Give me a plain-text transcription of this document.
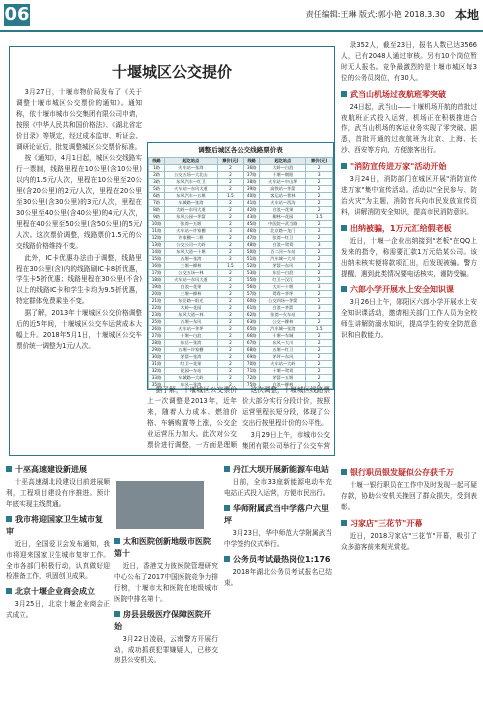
06	责任编辑:王琳 版式:郭小艳 2018.3.30 本地
十堰城区公交提价

3月27日，十堰市物价局发布了《关于调整十堰市城区公交票价的通知》。通知称，依十堰市城市公交集团有限公司申请，按照《中华人民共和国价格法》、《湖北省定价目录》等规定，经过成本监审、听证会、调研论证后，批复调整城区公交票价标准。

按《通知》，4月1日起，城区公交线路实行一票制，线路里程在10公里(含10公里)以内的1.5元/人次，里程在10公里至20公里(含20公里)的2元/人次，里程在20公里至30公里(含30公里)的3元/人次，里程在30公里至40公里(含40公里)的4元/人次，里程在40公里至50公里(含50公里)的5元/人次。这次票价调整，线路票价1.5元的公交线路价格维持不变。

此外，IC卡优惠办法由于调整，线路里程在30公里(含)内的线路刷IC卡8折优惠，学生卡5折优惠；线路里程在30公里(不含)以上的线路IC卡和学生卡均为9.5折优惠，特定群体免费乘坐不变。

据了解，2013年十堰城区公交价格调整后的近5年间，十堰城区公交车运营成本大幅上升。2018年5月1日，十堰城区公交车票价统一调整为1元/人次。

调整后城区各公交线路票价表
线路	起讫站点	票价(元)	线路	起讫站点	票价(元)
1路	火车站—张湾	2	36路	大岭—白浪	2
2路	公交五场—大北山	2	37路	十堰—朝阳	3
3路	东风汽车—红卫	2	38路	火车站—中山坪	2
5路	火车站—东风大道	2	39路	高铁站—茅箭	2
6路	东风汽车—五堰	1.5	40路	客运站—普林	2
7路	车城路—张湾	2	41路	火车站—西沟	2
8路	大岭—东风大道	2	42路	白浪—花果	2
9路	东风公园—茅箭	2	43路	柳林—花园	1.5
10路	张湾—五堰	2	45路	中医院—武当路	2
11路	火车站—许家棚	3	46路	北京路—龙门	2
12路	许家棚—二堰	2	47路	张湾—红卫	2
13路	公交公司—大岭	2	48路	白浪—鸳鸯	3
14路	东风大道—十堰	2	50路	百二河—车站	2
15路	五堰—张湾	2	51路	汽车城—大川	2
16路	三堰—柳林	1.5	52路	茅箭—东风	2
17路	公交五场—林	2	53路	东岳—白浪	2
18路	火车站—东风大道	2	55路	红卫—汉江	2
19路	白浪—花果	2	56路	大川—十堰	3
20路	三堰—柳林	2	57路	鸳鸯—茅坪	2
21路	东岳路—阳光	2	60路	公交四场—茅箭	2
22路	大岭—花园	2	61路	白浪—茅箭	3
23路	东风大道—林	2	62路	张湾—火车站	2
25路	五堰—东风	2	63路	公交—柳林	2
26路	火车站—茅坪	2	65路	汽车城—张湾	1.5
27路	十堰—白浪	2	66路	十堰—车城	2
28路	东岳—张湾	2	67路	东风—大川	2
29路	五堰—许家棚	2	68路	五堰—红卫	2
30路	茅箭—张湾	2	69路	茅坪—东风	2
31路	红卫—花果	2	70路	火车站—大岭	2
32路	花园—车站	2	71路	十堰—鸳鸯	2
33路	车城路—大岭	2	72路	茅箭—五堰	2
35路	东风—张湾	2	75路	白浪—柳林	2

据了解，十堰城区公交票价上一次调整是2013年，近年来，随着人力成本、燃油价格、车辆购置等上涨，公交企业运营压力加大。此次对公交票价进行调整，一方面是理顺

这次调整，十堰城区线路票价大部分实行分段计价，按照运营里程长短分段，体现了公交出行按里程计价的公平性。

3月29日上午，市城市公交集团有限公司举行了公交车营

录352人，截至23日，报名人数已达3566人，已有2048人通过审核。另有10个岗位暂时无人报名。竞争最激烈的是十堰市城区每3位的公务员岗位，有30人。

武当山机场过夜航班零突破

24日起，武当山——十堰机场开航的首批过夜航班正式投入运营，机场正在积极推进合作，武当山机场的客运业务实现了零突破。据悉，首批开通的过夜航班为北京、上海、长沙、西安等方向，方便旅客出行。

"消防宣传进万家"活动开始

3月24日，消防部门在城区开展"消防宣传进万家"集中宣传活动。活动以"全民参与、防治火灾"为主题，消防官兵向市民发放宣传资料，讲解消防安全知识，提高市民消防意识。

出纳被骗，1万元汇给假老板

近日，十堰一企业出纳接到"老板"在QQ上发来的指令，称需要汇款1万元给某公司。该出纳未核实便将款项汇出，后发现被骗。警方提醒，遇到此类情况要电话核实，谨防受骗。

六郎小学开展水上安全知识课

3月26日上午，郧阳区六郎小学开展水上安全知识课活动，邀请相关部门工作人员为全校师生讲解防溺水知识，提高学生的安全防范意识和自救能力。

银行职员银发疑似公存获千万

十堰一银行职员在工作中及时发现一起可疑存款，协助公安机关挽回了群众损失，受到表彰。

习家店"三花节"开幕

近日，2018习家店"三花节"开幕，吸引了众多游客前来观光赏花。

十巫高速建设新进展

十巫高速湖北段建设目前进展顺利，工程项目建设有序推进。预计年底实现主线贯通。

我市将迎国家卫生城市复审

近日，全国爱卫会发布通知，我市将迎来国家卫生城市复审工作。全市各部门积极行动，认真做好迎检准备工作，巩固创卫成果。

北京十堰企业商会成立

3月25日，北京十堰企业商会正式成立。

太和医院创新地级市医院第十

近日，香港艾力彼医院管理研究中心公布了2017中国医院竞争力排行榜，十堰市太和医院在地级城市医院中排名第十。

房县县级医疗保障医院开始

3月22日凌晨，云南警方开展行动，成功抓获犯罪嫌疑人，已移交房县公安机关。

丹江大坝开展新能源车电站

日前，全市33座新能源电动车充电站正式投入运营，方便市民出行。

华师附属武当中学落户六里坪

3月23日，华中师范大学附属武当中学签约仪式举行。

公务员考试最热岗位1:176

2018年湖北公务员考试报名已结束。
